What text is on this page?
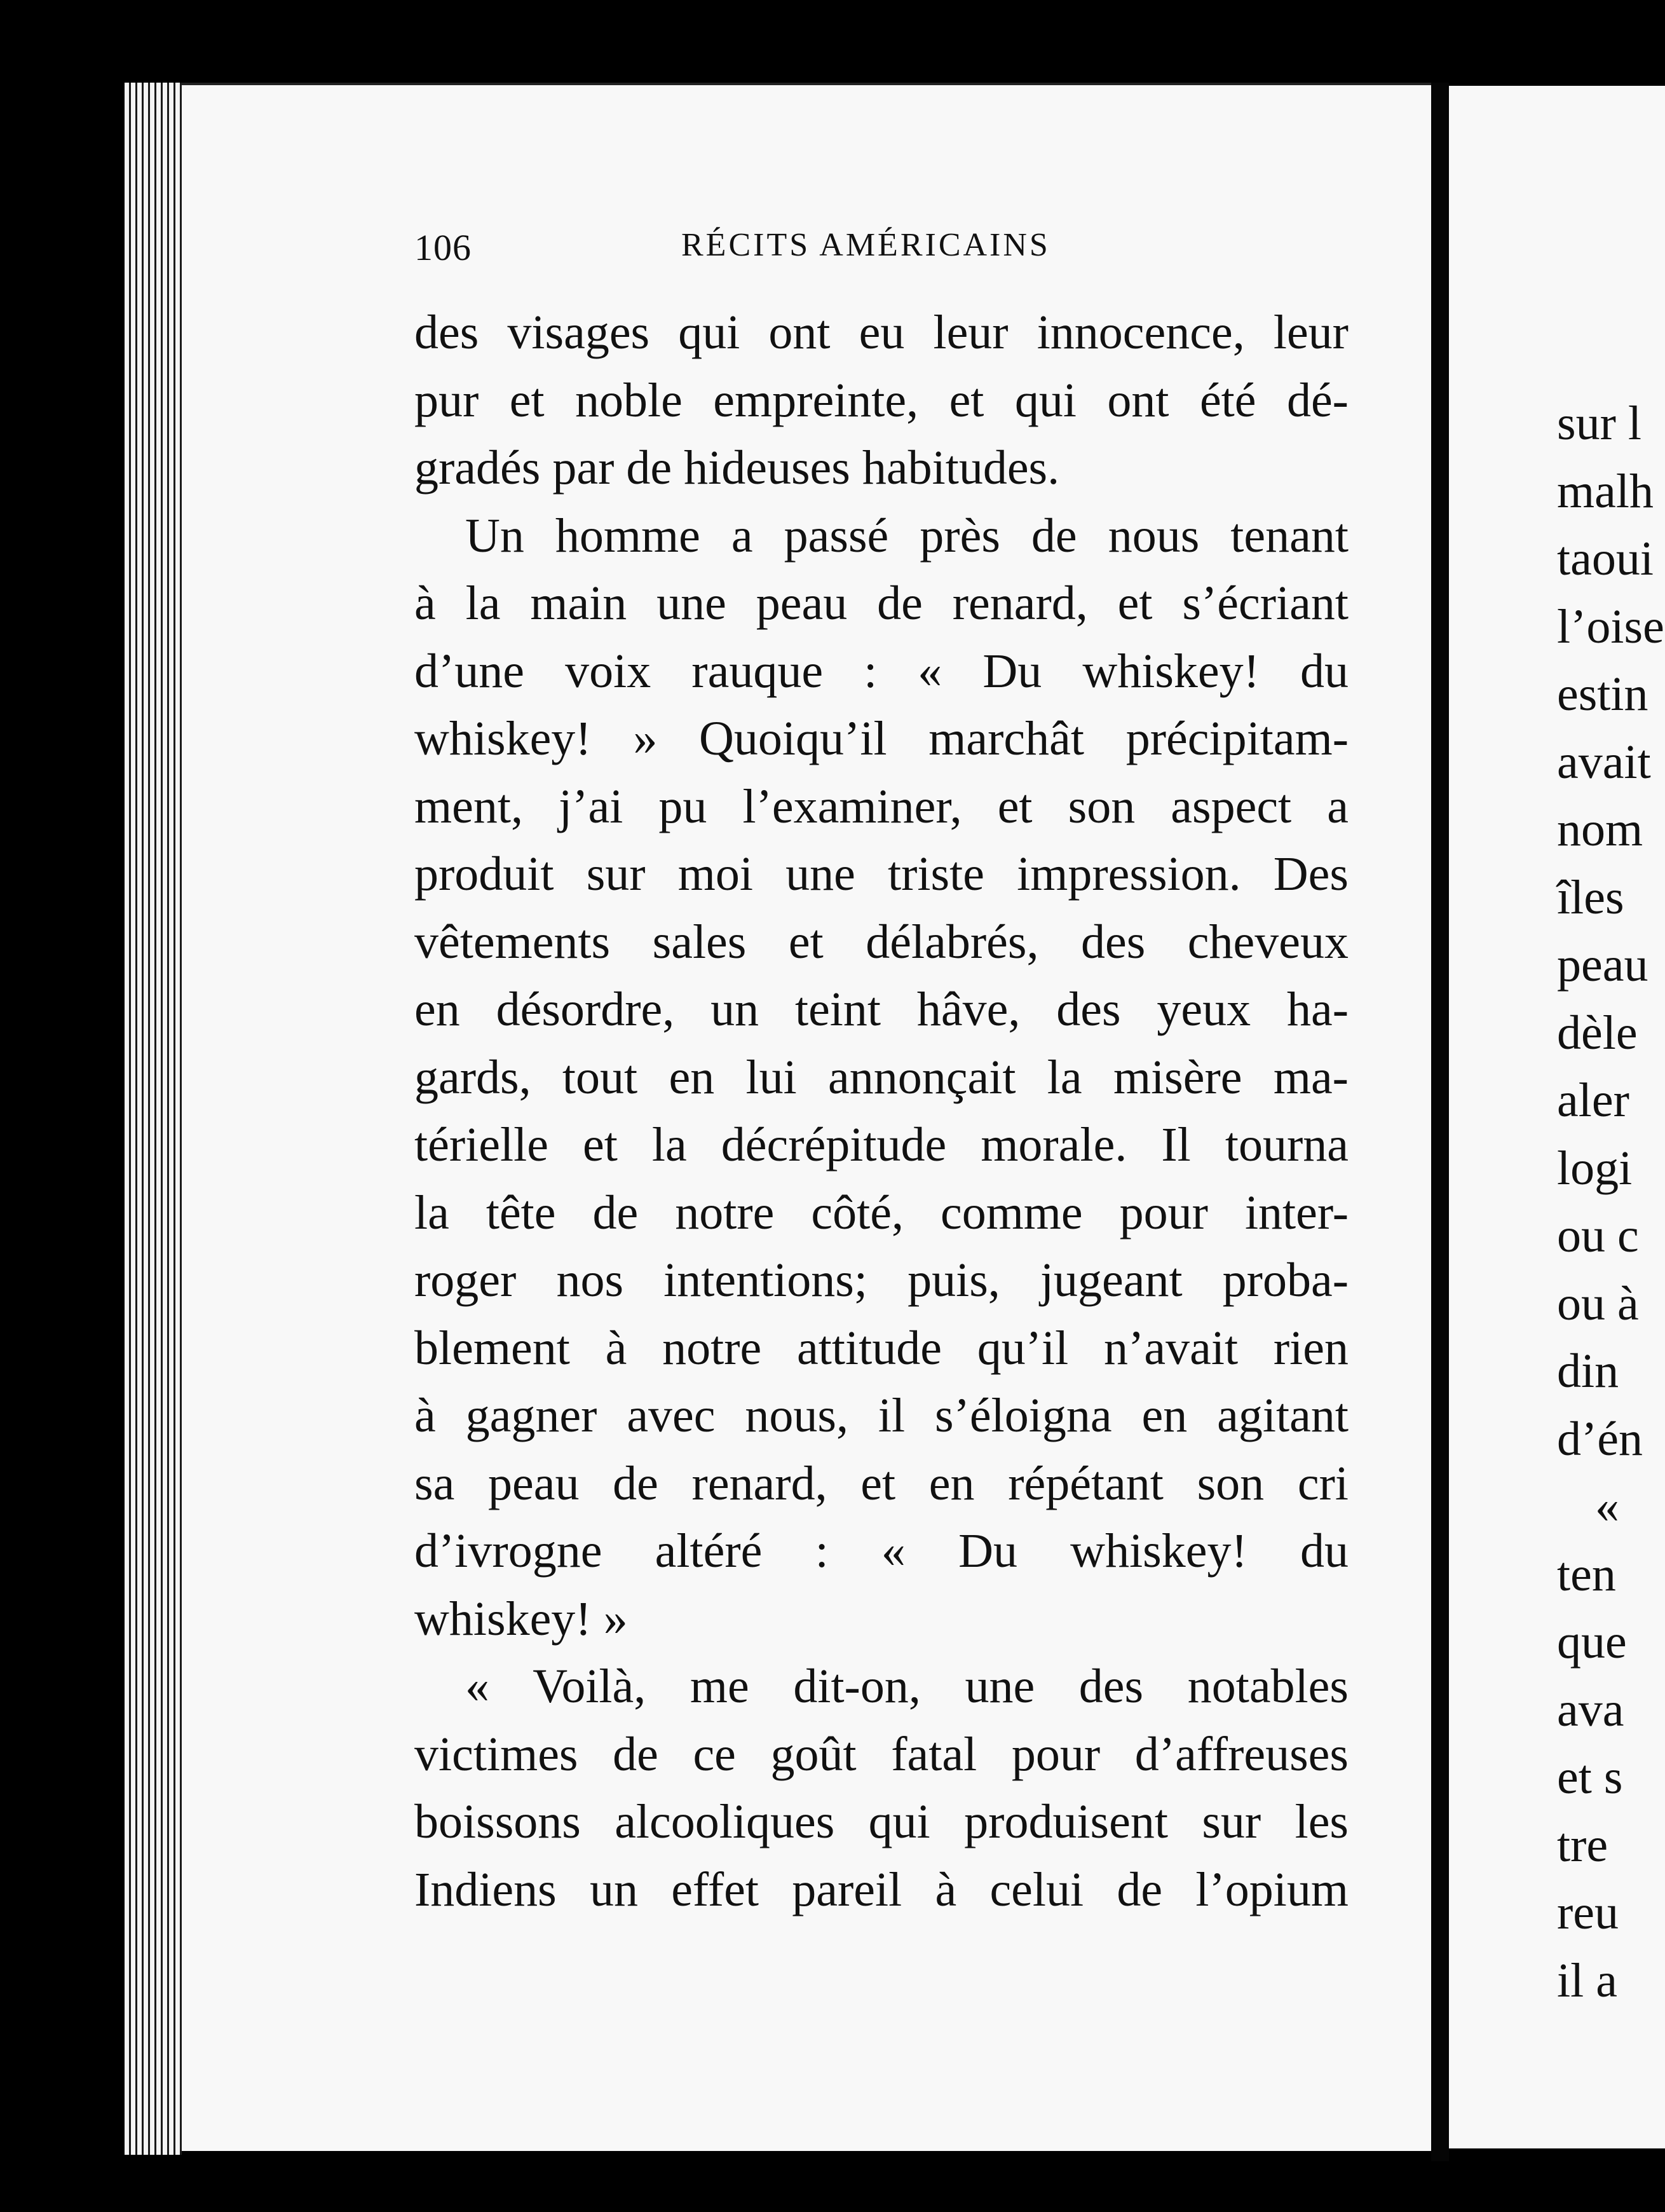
sur l
malh
taoui
l’oise
estin
avait
nom
îles
peau
dèle
aler
logi
ou c
ou à
din
d’én
«
ten
que
ava
et s
tre
reu
il a
106	RÉCITS AMÉRICAINS
des visages qui ont eu leur innocence, leur
pur et noble empreinte, et qui ont été dé-
gradés par de hideuses habitudes.
Un homme a passé près de nous tenant
à la main une peau de renard, et s’écriant
d’une voix rauque : « Du whiskey! du
whiskey! » Quoiqu’il marchât précipitam-
ment, j’ai pu l’examiner, et son aspect a
produit sur moi une triste impression. Des
vêtements sales et délabrés, des cheveux
en désordre, un teint hâve, des yeux ha-
gards, tout en lui annonçait la misère ma-
térielle et la décrépitude morale. Il tourna
la tête de notre côté, comme pour inter-
roger nos intentions; puis, jugeant proba-
blement à notre attitude qu’il n’avait rien
à gagner avec nous, il s’éloigna en agitant
sa peau de renard, et en répétant son cri
d’ivrogne altéré : « Du whiskey! du
whiskey! »
« Voilà, me dit-on, une des notables
victimes de ce goût fatal pour d’affreuses
boissons alcooliques qui produisent sur les
Indiens un effet pareil à celui de l’opium
